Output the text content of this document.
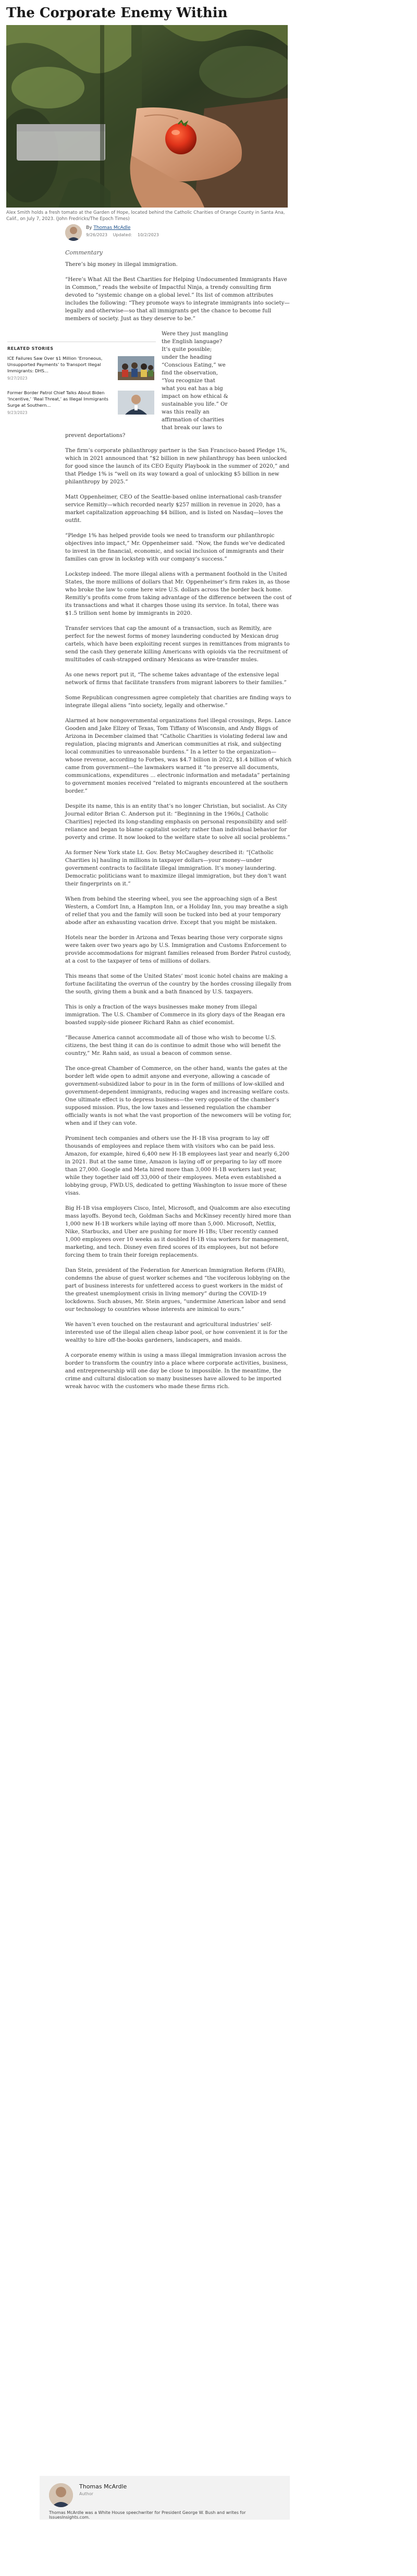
The Corporate Enemy Within

Alex Smith holds a fresh tomato at the Garden of Hope, located behind the Catholic Charities of Orange County in Santa Ana, Calif., on July 7, 2023. (John Fredricks/The Epoch Times)

By Thomas McAdle
9/26/2023 Updated: 10/2/2023

Commentary

There’s big money in illegal immigration.

“Here’s What All the Best Charities for Helping Undocumented Immigrants Have in Common,” reads the website of Impactful Ninja, a trendy consulting firm devoted to “systemic change on a global level.” Its list of common attributes includes the following: “They promote ways to integrate immigrants into society—legally and otherwise—so that all immigrants get the chance to become full members of society. Just as they deserve to be.”

Were they just mangling
the English language?
It’s quite possible;
under the heading
“Conscious Eating,” we
find the observation,
“You recognize that
what you eat has a big
impact on how ethical &
sustainable you life.” Or
was this really an
affirmation of charities
that break our laws to
prevent deportations?

The firm’s corporate philanthropy partner is the San Francisco-based Pledge 1%, which in 2021 announced that “$2 billion in new philanthropy has been unlocked for good since the launch of its CEO Equity Playbook in the summer of 2020,” and that Pledge 1% is “well on its way toward a goal of unlocking $5 billion in new philanthropy by 2025.”

Matt Oppenheimer, CEO of the Seattle-based online international cash-transfer service Remitly—which recorded nearly $257 million in revenue in 2020, has a market capitalization approaching $4 billion, and is listed on Nasdaq—loves the outfit.

“Pledge 1% has helped provide tools we need to transform our philanthropic objectives into impact,” Mr. Oppenheimer said. “Now, the funds we’ve dedicated to invest in the financial, economic, and social inclusion of immigrants and their families can grow in lockstep with our company’s success.”

Lockstep indeed. The more illegal aliens with a permanent foothold in the United States, the more millions of dollars that Mr. Oppenheimer’s firm rakes in, as those who broke the law to come here wire U.S. dollars across the border back home. Remitly’s profits come from taking advantage of the difference between the cost of its transactions and what it charges those using its service. In total, there was $1.5 trillion sent home by immigrants in 2020.

Transfer services that cap the amount of a transaction, such as Remitly, are perfect for the newest forms of money laundering conducted by Mexican drug cartels, which have been exploiting recent surges in remittances from migrants to send the cash they generate killing Americans with opioids via the recruitment of multitudes of cash-strapped ordinary Mexicans as wire-transfer mules.

As one news report put it, “The scheme takes advantage of the extensive legal network of firms that facilitate transfers from migrant laborers to their families.”

Some Republican congressmen agree completely that charities are finding ways to integrate illegal aliens “into society, legally and otherwise.”

Alarmed at how nongovernmental organizations fuel illegal crossings, Reps. Lance Gooden and Jake Ellzey of Texas, Tom Tiffany of Wisconsin, and Andy Biggs of Arizona in December claimed that “Catholic Charities is violating federal law and regulation, placing migrants and American communities at risk, and subjecting local communities to unreasonable burdens.” In a letter to the organization—whose revenue, according to Forbes, was $4.7 billion in 2022, $1.4 billion of which came from government—the lawmakers warned it “to preserve all documents, communications, expenditures ... electronic information and metadata” pertaining to government monies received “related to migrants encountered at the southern border.”

Despite its name, this is an entity that’s no longer Christian, but socialist. As City Journal editor Brian C. Anderson put it: “Beginning in the 1960s,[ Catholic Charities] rejected its long-standing emphasis on personal responsibility and self-reliance and began to blame capitalist society rather than individual behavior for poverty and crime. It now looked to the welfare state to solve all social problems.”

As former New York state Lt. Gov. Betsy McCaughey described it: “[Catholic Charities is] hauling in millions in taxpayer dollars—your money—under government contracts to facilitate illegal immigration. It’s money laundering. Democratic politicians want to maximize illegal immigration, but they don’t want their fingerprints on it.”

When from behind the steering wheel, you see the approaching sign of a Best Western, a Comfort Inn, a Hampton Inn, or a Holiday Inn, you may breathe a sigh of relief that you and the family will soon be tucked into bed at your temporary abode after an exhausting vacation drive. Except that you might be mistaken.

Hotels near the border in Arizona and Texas bearing those very corporate signs were taken over two years ago by U.S. Immigration and Customs Enforcement to provide accommodations for migrant families released from Border Patrol custody, at a cost to the taxpayer of tens of millions of dollars.

This means that some of the United States’ most iconic hotel chains are making a fortune facilitating the overrun of the country by the hordes crossing illegally from the south, giving them a bunk and a bath financed by U.S. taxpayers.

This is only a fraction of the ways businesses make money from illegal immigration. The U.S. Chamber of Commerce in its glory days of the Reagan era boasted supply-side pioneer Richard Rahn as chief economist.

“Because America cannot accommodate all of those who wish to become U.S. citizens, the best thing it can do is continue to admit those who will benefit the country,” Mr. Rahn said, as usual a beacon of common sense.

The once-great Chamber of Commerce, on the other hand, wants the gates at the border left wide open to admit anyone and everyone, allowing a cascade of government-subsidized labor to pour in in the form of millions of low-skilled and government-dependent immigrants, reducing wages and increasing welfare costs. One ultimate effect is to depress business—the very opposite of the chamber’s supposed mission. Plus, the low taxes and lessened regulation the chamber officially wants is not what the vast proportion of the newcomers will be voting for, when and if they can vote.

Prominent tech companies and others use the H-1B visa program to lay off thousands of employees and replace them with visitors who can be paid less. Amazon, for example, hired 6,400 new H-1B employees last year and nearly 6,200 in 2021. But at the same time, Amazon is laying off or preparing to lay off more than 27,000. Google and Meta hired more than 3,000 H-1B workers last year, while they together laid off 33,000 of their employees. Meta even established a lobbying group, FWD.US, dedicated to getting Washington to issue more of these visas.

Big H-1B visa employers Cisco, Intel, Microsoft, and Qualcomm are also executing mass layoffs. Beyond tech, Goldman Sachs and McKinsey recently hired more than 1,000 new H-1B workers while laying off more than 5,000. Microsoft, Netflix, Nike, Starbucks, and Uber are pushing for more H-1Bs; Uber recently canned 1,000 employees over 10 weeks as it doubled H-1B visa workers for management, marketing, and tech. Disney even fired scores of its employees, but not before forcing them to train their foreign replacements.

Dan Stein, president of the Federation for American Immigration Reform (FAIR), condemns the abuse of guest worker schemes and “the vociferous lobbying on the part of business interests for unfettered access to guest workers in the midst of the greatest unemployment crisis in living memory” during the COVID-19 lockdowns. Such abuses, Mr. Stein argues, “undermine American labor and send our technology to countries whose interests are inimical to ours.”

We haven’t even touched on the restaurant and agricultural industries’ self-interested use of the illegal alien cheap labor pool, or how convenient it is for the wealthy to hire off-the-books gardeners, landscapers, and maids.

A corporate enemy within is using a mass illegal immigration invasion across the border to transform the country into a place where corporate activities, business, and entrepreneurship will one day be close to impossible. In the meantime, the crime and cultural dislocation so many businesses have allowed to be imported wreak havoc with the customers who made these firms rich.

RELATED STORIES
ICE Failures Saw Over $1 Million ‘Erroneous, Unsupported Payments’ to Transport Illegal Immigrants: DHS...
9/27/2023
Former Border Patrol Chief Talks About Biden ‘Incentive,’ ‘Real Threat,’ as Illegal Immigrants Surge at Southern...
9/23/2023
Thomas McArdle
Author
Thomas McArdle was a White House speechwriter for President George W. Bush and writes for IssuesInsights.com.
